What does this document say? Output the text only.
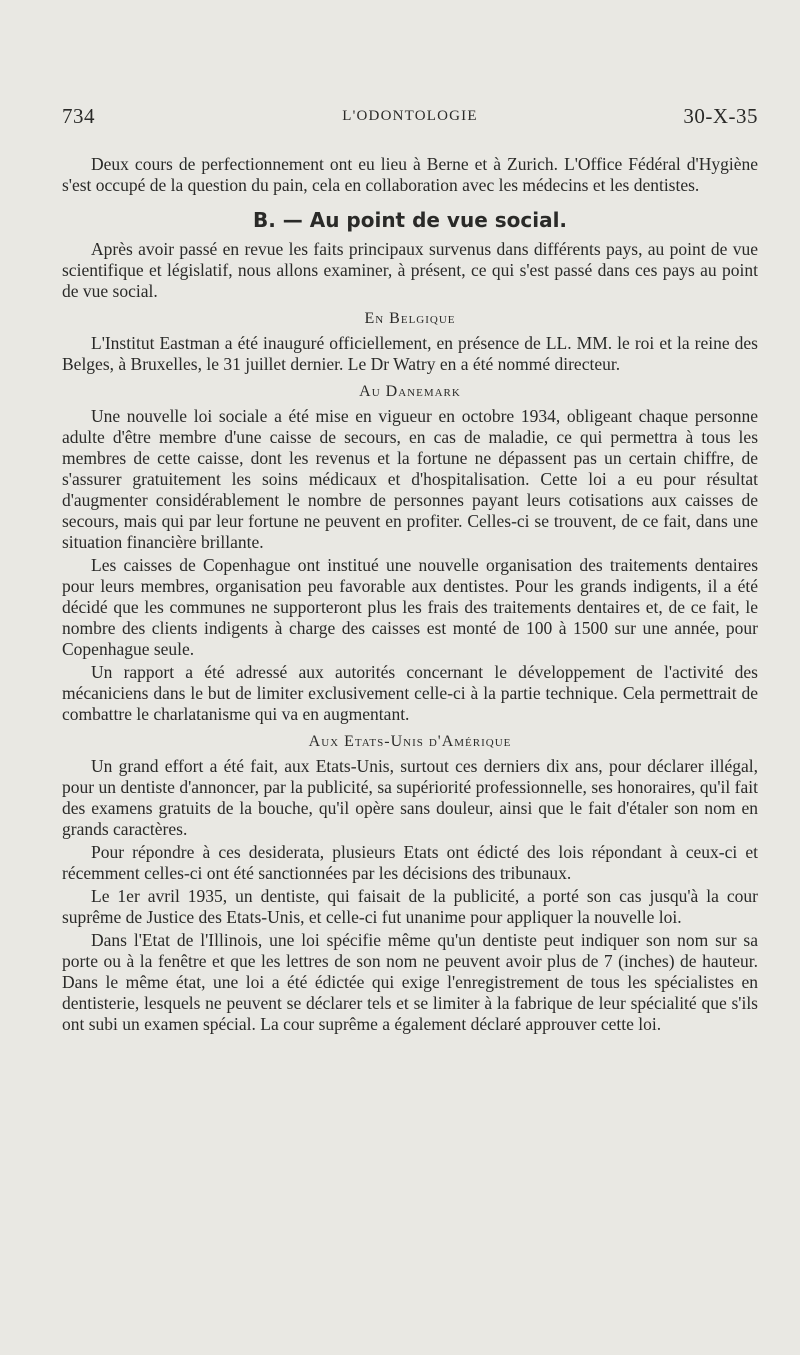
734	L'ODONTOLOGIE	30-X-35

Deux cours de perfectionnement ont eu lieu à Berne et à Zurich. L'Office Fédéral d'Hygiène s'est occupé de la question du pain, cela en collaboration avec les médecins et les dentistes.

B. — Au point de vue social.

Après avoir passé en revue les faits principaux survenus dans différents pays, au point de vue scientifique et législatif, nous allons examiner, à présent, ce qui s'est passé dans ces pays au point de vue social.

En Belgique

L'Institut Eastman a été inauguré officiellement, en présence de LL. MM. le roi et la reine des Belges, à Bruxelles, le 31 juillet dernier. Le Dr Watry en a été nommé directeur.

Au Danemark

Une nouvelle loi sociale a été mise en vigueur en octobre 1934, obligeant chaque personne adulte d'être membre d'une caisse de secours, en cas de maladie, ce qui permettra à tous les membres de cette caisse, dont les revenus et la fortune ne dépassent pas un certain chiffre, de s'assurer gratuitement les soins médicaux et d'hospitalisation. Cette loi a eu pour résultat d'augmenter considérablement le nombre de personnes payant leurs cotisations aux caisses de secours, mais qui par leur fortune ne peuvent en profiter. Celles-ci se trouvent, de ce fait, dans une situation financière brillante.

Les caisses de Copenhague ont institué une nouvelle organisation des traitements dentaires pour leurs membres, organisation peu favorable aux dentistes. Pour les grands indigents, il a été décidé que les communes ne supporteront plus les frais des traitements dentaires et, de ce fait, le nombre des clients indigents à charge des caisses est monté de 100 à 1500 sur une année, pour Copenhague seule.

Un rapport a été adressé aux autorités concernant le développement de l'activité des mécaniciens dans le but de limiter exclusivement celle-ci à la partie technique. Cela permettrait de combattre le charlatanisme qui va en augmentant.

Aux Etats-Unis d'Amérique

Un grand effort a été fait, aux Etats-Unis, surtout ces derniers dix ans, pour déclarer illégal, pour un dentiste d'annoncer, par la publicité, sa supériorité professionnelle, ses honoraires, qu'il fait des examens gratuits de la bouche, qu'il opère sans douleur, ainsi que le fait d'étaler son nom en grands caractères.

Pour répondre à ces desiderata, plusieurs Etats ont édicté des lois répondant à ceux-ci et récemment celles-ci ont été sanctionnées par les décisions des tribunaux.

Le 1er avril 1935, un dentiste, qui faisait de la publicité, a porté son cas jusqu'à la cour suprême de Justice des Etats-Unis, et celle-ci fut unanime pour appliquer la nouvelle loi.

Dans l'Etat de l'Illinois, une loi spécifie même qu'un dentiste peut indiquer son nom sur sa porte ou à la fenêtre et que les lettres de son nom ne peuvent avoir plus de 7 (inches) de hauteur. Dans le même état, une loi a été édictée qui exige l'enregistrement de tous les spécialistes en dentisterie, lesquels ne peuvent se déclarer tels et se limiter à la fabrique de leur spécialité que s'ils ont subi un examen spécial. La cour suprême a également déclaré approuver cette loi.
